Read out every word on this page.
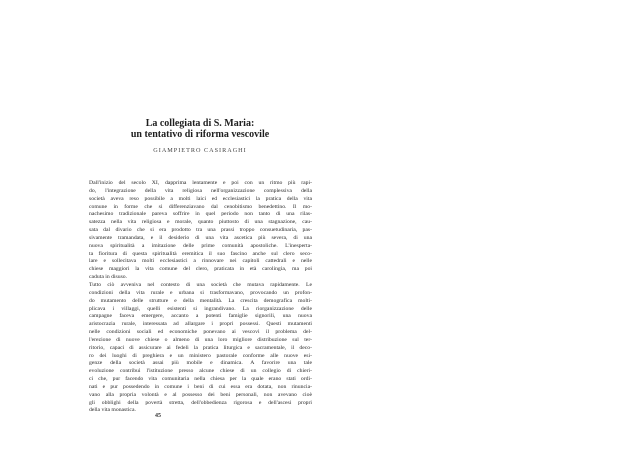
La collegiata di S. Maria:
un tentativo di riforma vescovile
GIAMPIETRO CASIRAGHI
Dall'inizio del secolo XI, dapprima lentamente e poi con un ritmo più rapi-
do, l'integrazione della vita religiosa nell'organizzazione complessiva della
società aveva reso possibile a molti laici ed ecclesiastici la pratica della vita
comune in forme che si differenziavano dal cenobitismo benedettino. Il mo-
nachesimo tradizionale pareva soffrire in quel periodo non tanto di una rilas-
satezza nella vita religiosa e morale, quanto piuttosto di una stagnazione, cau-
sata dal divario che si era prodotto tra una prassi troppo consuetudinaria, pas-
sivamente tramandata, e il desiderio di una vita ascetica più severa, di una
nuova spiritualità a imitazione delle prime comunità apostoliche. L'inesperta-
ta fioritura di questa spiritualità eremitica il suo fascino anche sul clero seco-
lare e sollecitava molti ecclesiastici a rinnovare nei capitoli cattedrali e nelle
chiese maggiori la vita comune del clero, praticata in età carolingia, ma poi
caduta in disuso.
Tutto ciò avveniva nel contesto di una società che mutava rapidamente. Le
condizioni della vita rurale e urbana si trasformavano, provocando un profon-
do mutamento delle strutture e della mentalità. La crescita demografica molti-
plicava i villaggi, quelli esistenti si ingrandivano. La riorganizzazione delle
campagne faceva emergere, accanto a potenti famiglie signorili, una nuova
aristocrazia rurale, interessata ad allargare i propri possessi. Questi mutamenti
nelle condizioni sociali ed economiche ponevano ai vescovi il problema del-
l'erezione di nuove chiese o almeno di una loro migliore distribuzione sul ter-
ritorio, capaci di assicurare ai fedeli la pratica liturgica e sacramentale, il deco-
ro dei luoghi di preghiera e un ministero pastorale conforme alle nuove esi-
genze della società assai più mobile e dinamica. A favorire una tale
evoluzione contribuì l'istituzione presso alcune chiese di un collegio di chieri-
ci che, pur facendo vita comunitaria nella chiesa per la quale erano stati ordi-
nati e pur possedendo in comune i beni di cui essa era dotata, non rinuncia-
vano alla propria volontà e al possesso dei beni personali, non avevano cioè
gli obblighi della povertà stretta, dell'obbedienza rigorosa e dell'ascesi propri
della vita monastica.
45
